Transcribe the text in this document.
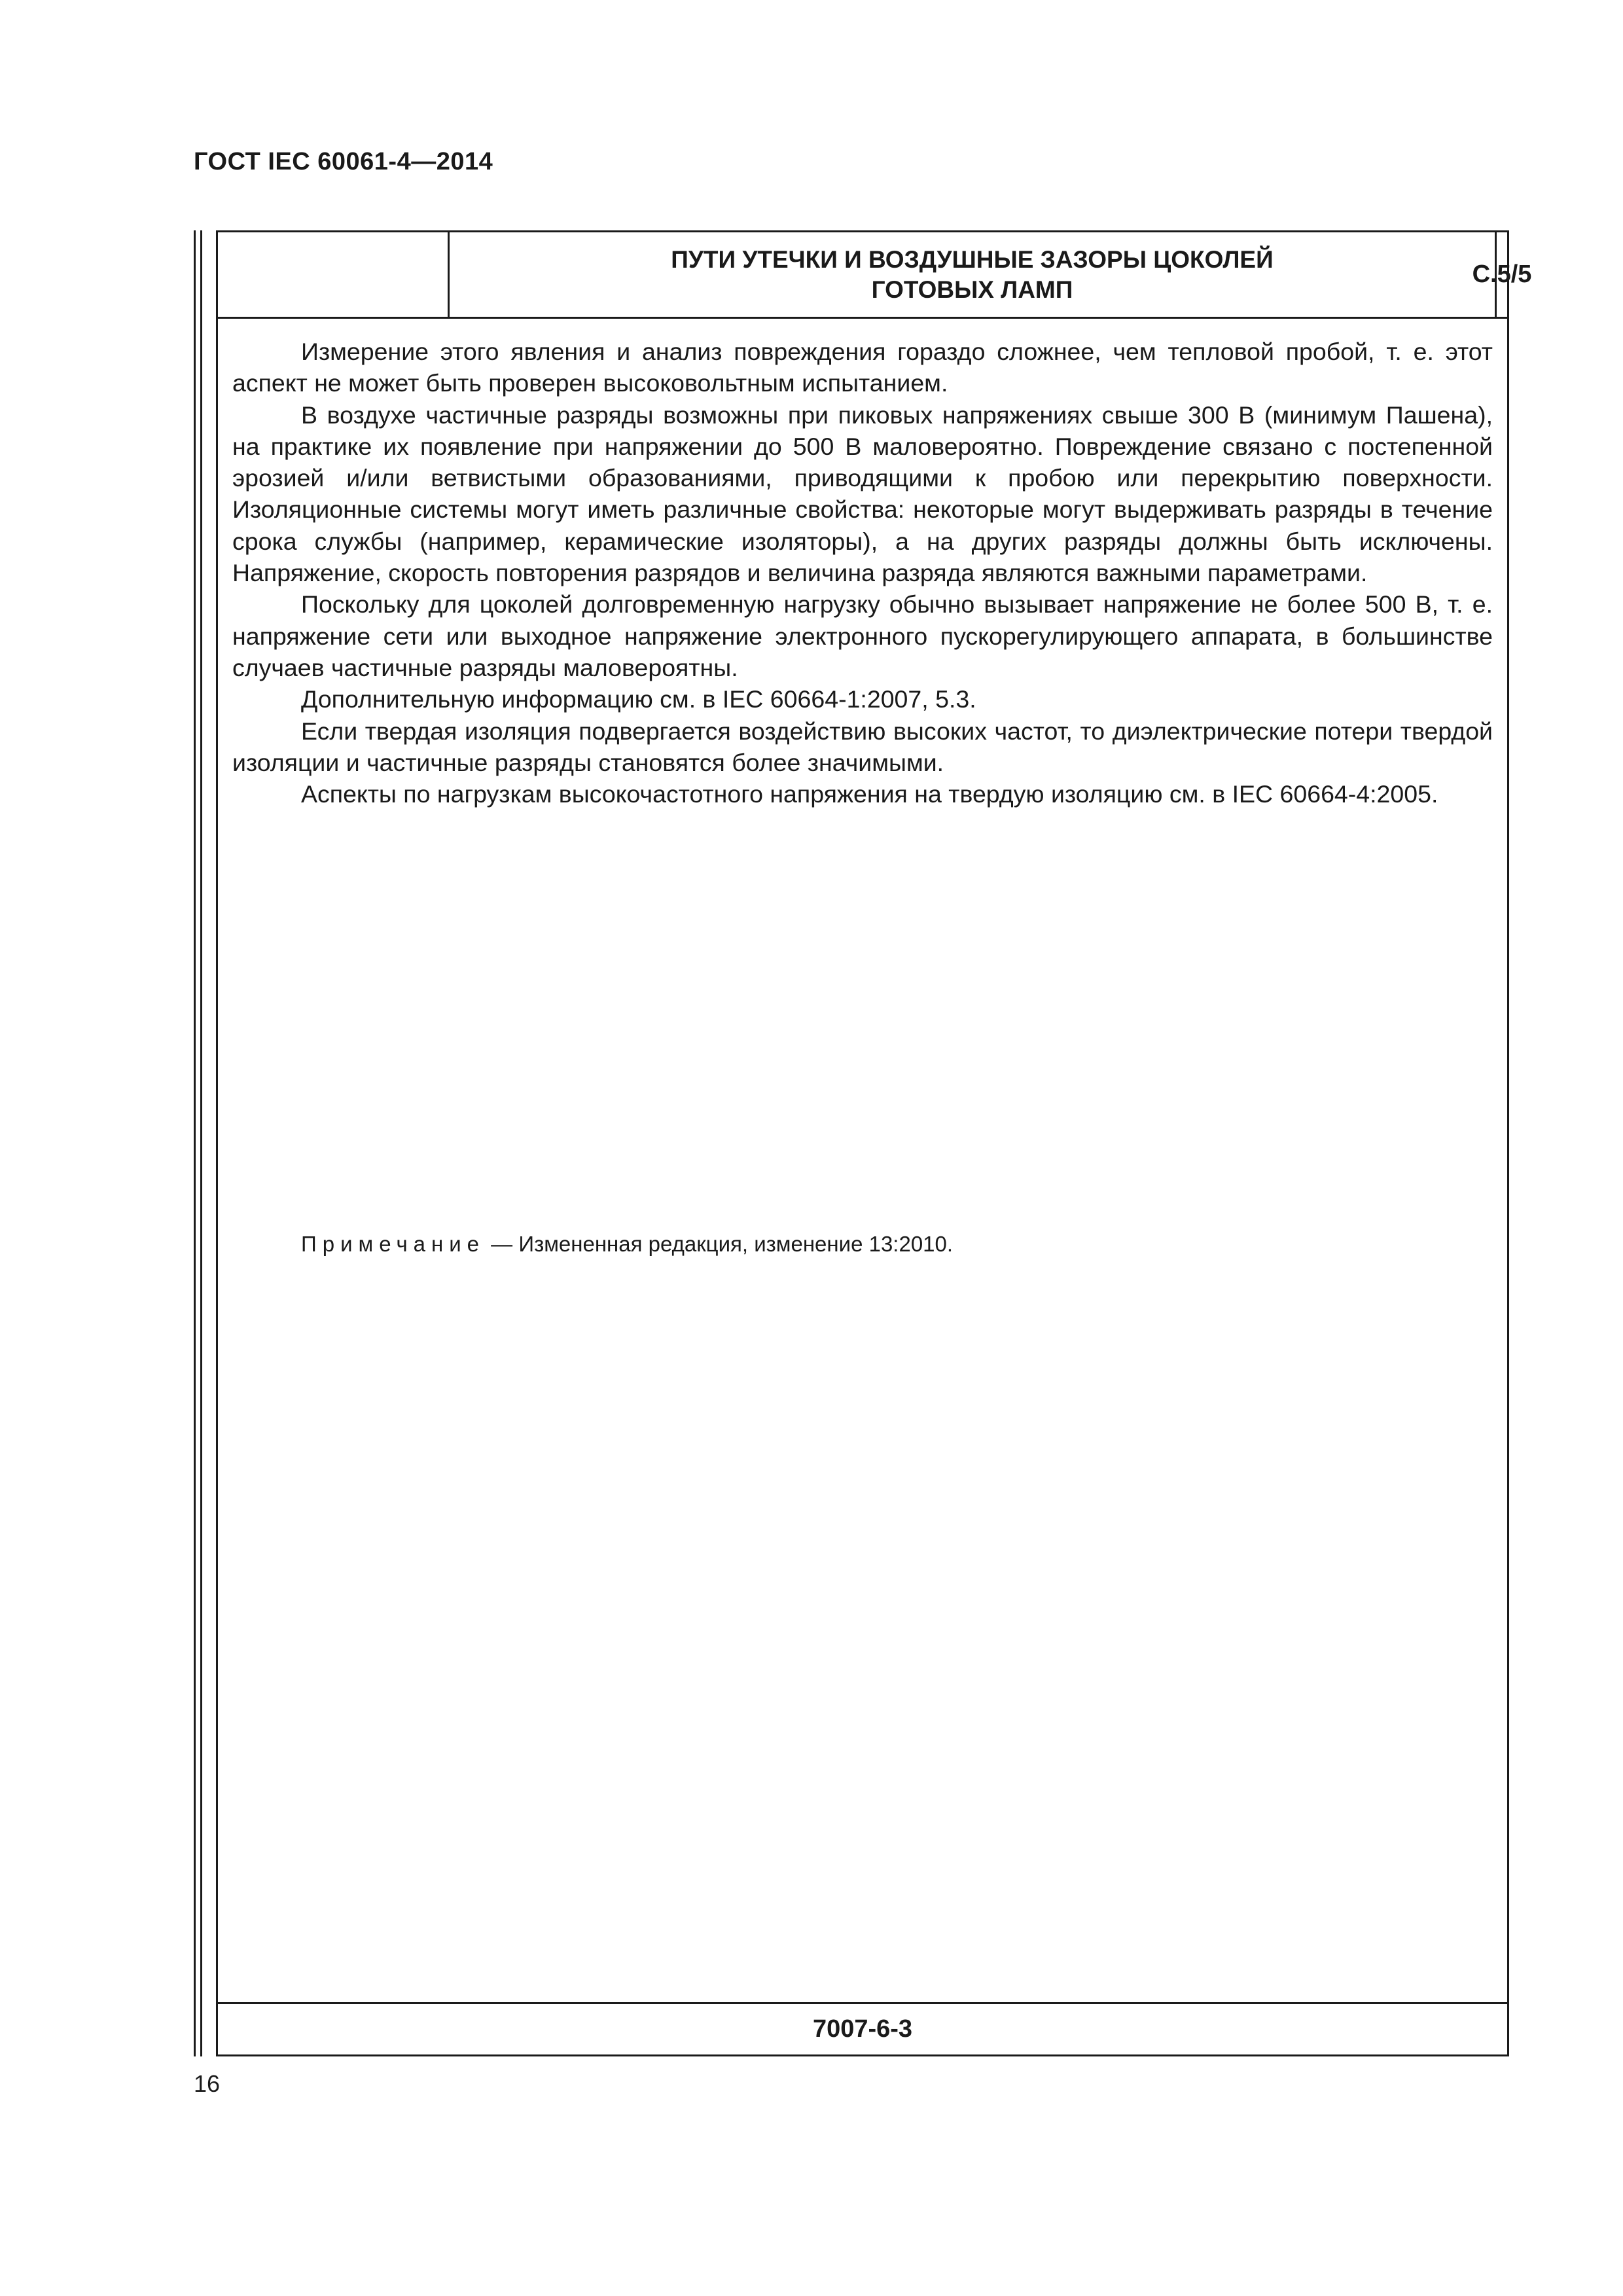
ГОСТ IEC 60061-4—2014
ПУТИ УТЕЧКИ И ВОЗДУШНЫЕ ЗАЗОРЫ ЦОКОЛЕЙ
ГОТОВЫХ ЛАМП
С.5/5

Измерение этого явления и анализ повреждения гораздо сложнее, чем тепловой пробой, т. е. этот аспект не может быть проверен высоковольтным испытанием.

В воздухе частичные разряды возможны при пиковых напряжениях свыше 300 В (минимум Пашена), на практике их появление при напряжении до 500 В маловероятно. Повреждение связано с постепенной эрозией и/или ветвистыми образованиями, приводящими к пробою или перекрытию поверхности. Изоляционные системы могут иметь различные свойства: некоторые могут выдерживать разряды в течение срока службы (например, керамические изоляторы), а на других разряды должны быть исключены. Напряжение, скорость повторения разрядов и величина разряда являются важными параметрами.

Поскольку для цоколей долговременную нагрузку обычно вызывает напряжение не более 500 В, т. е. напряжение сети или выходное напряжение электронного пускорегулирующего аппарата, в большинстве случаев частичные разряды маловероятны.

Дополнительную информацию см. в IEC 60664-1:2007, 5.3.

Если твердая изоляция подвергается воздействию высоких частот, то диэлектрические потери твердой изоляции и частичные разряды становятся более значимыми.

Аспекты по нагрузкам высокочастотного напряжения на твердую изоляцию см. в IEC 60664-4:2005.

Примечание — Измененная редакция, изменение 13:2010.
7007-6-3
16
